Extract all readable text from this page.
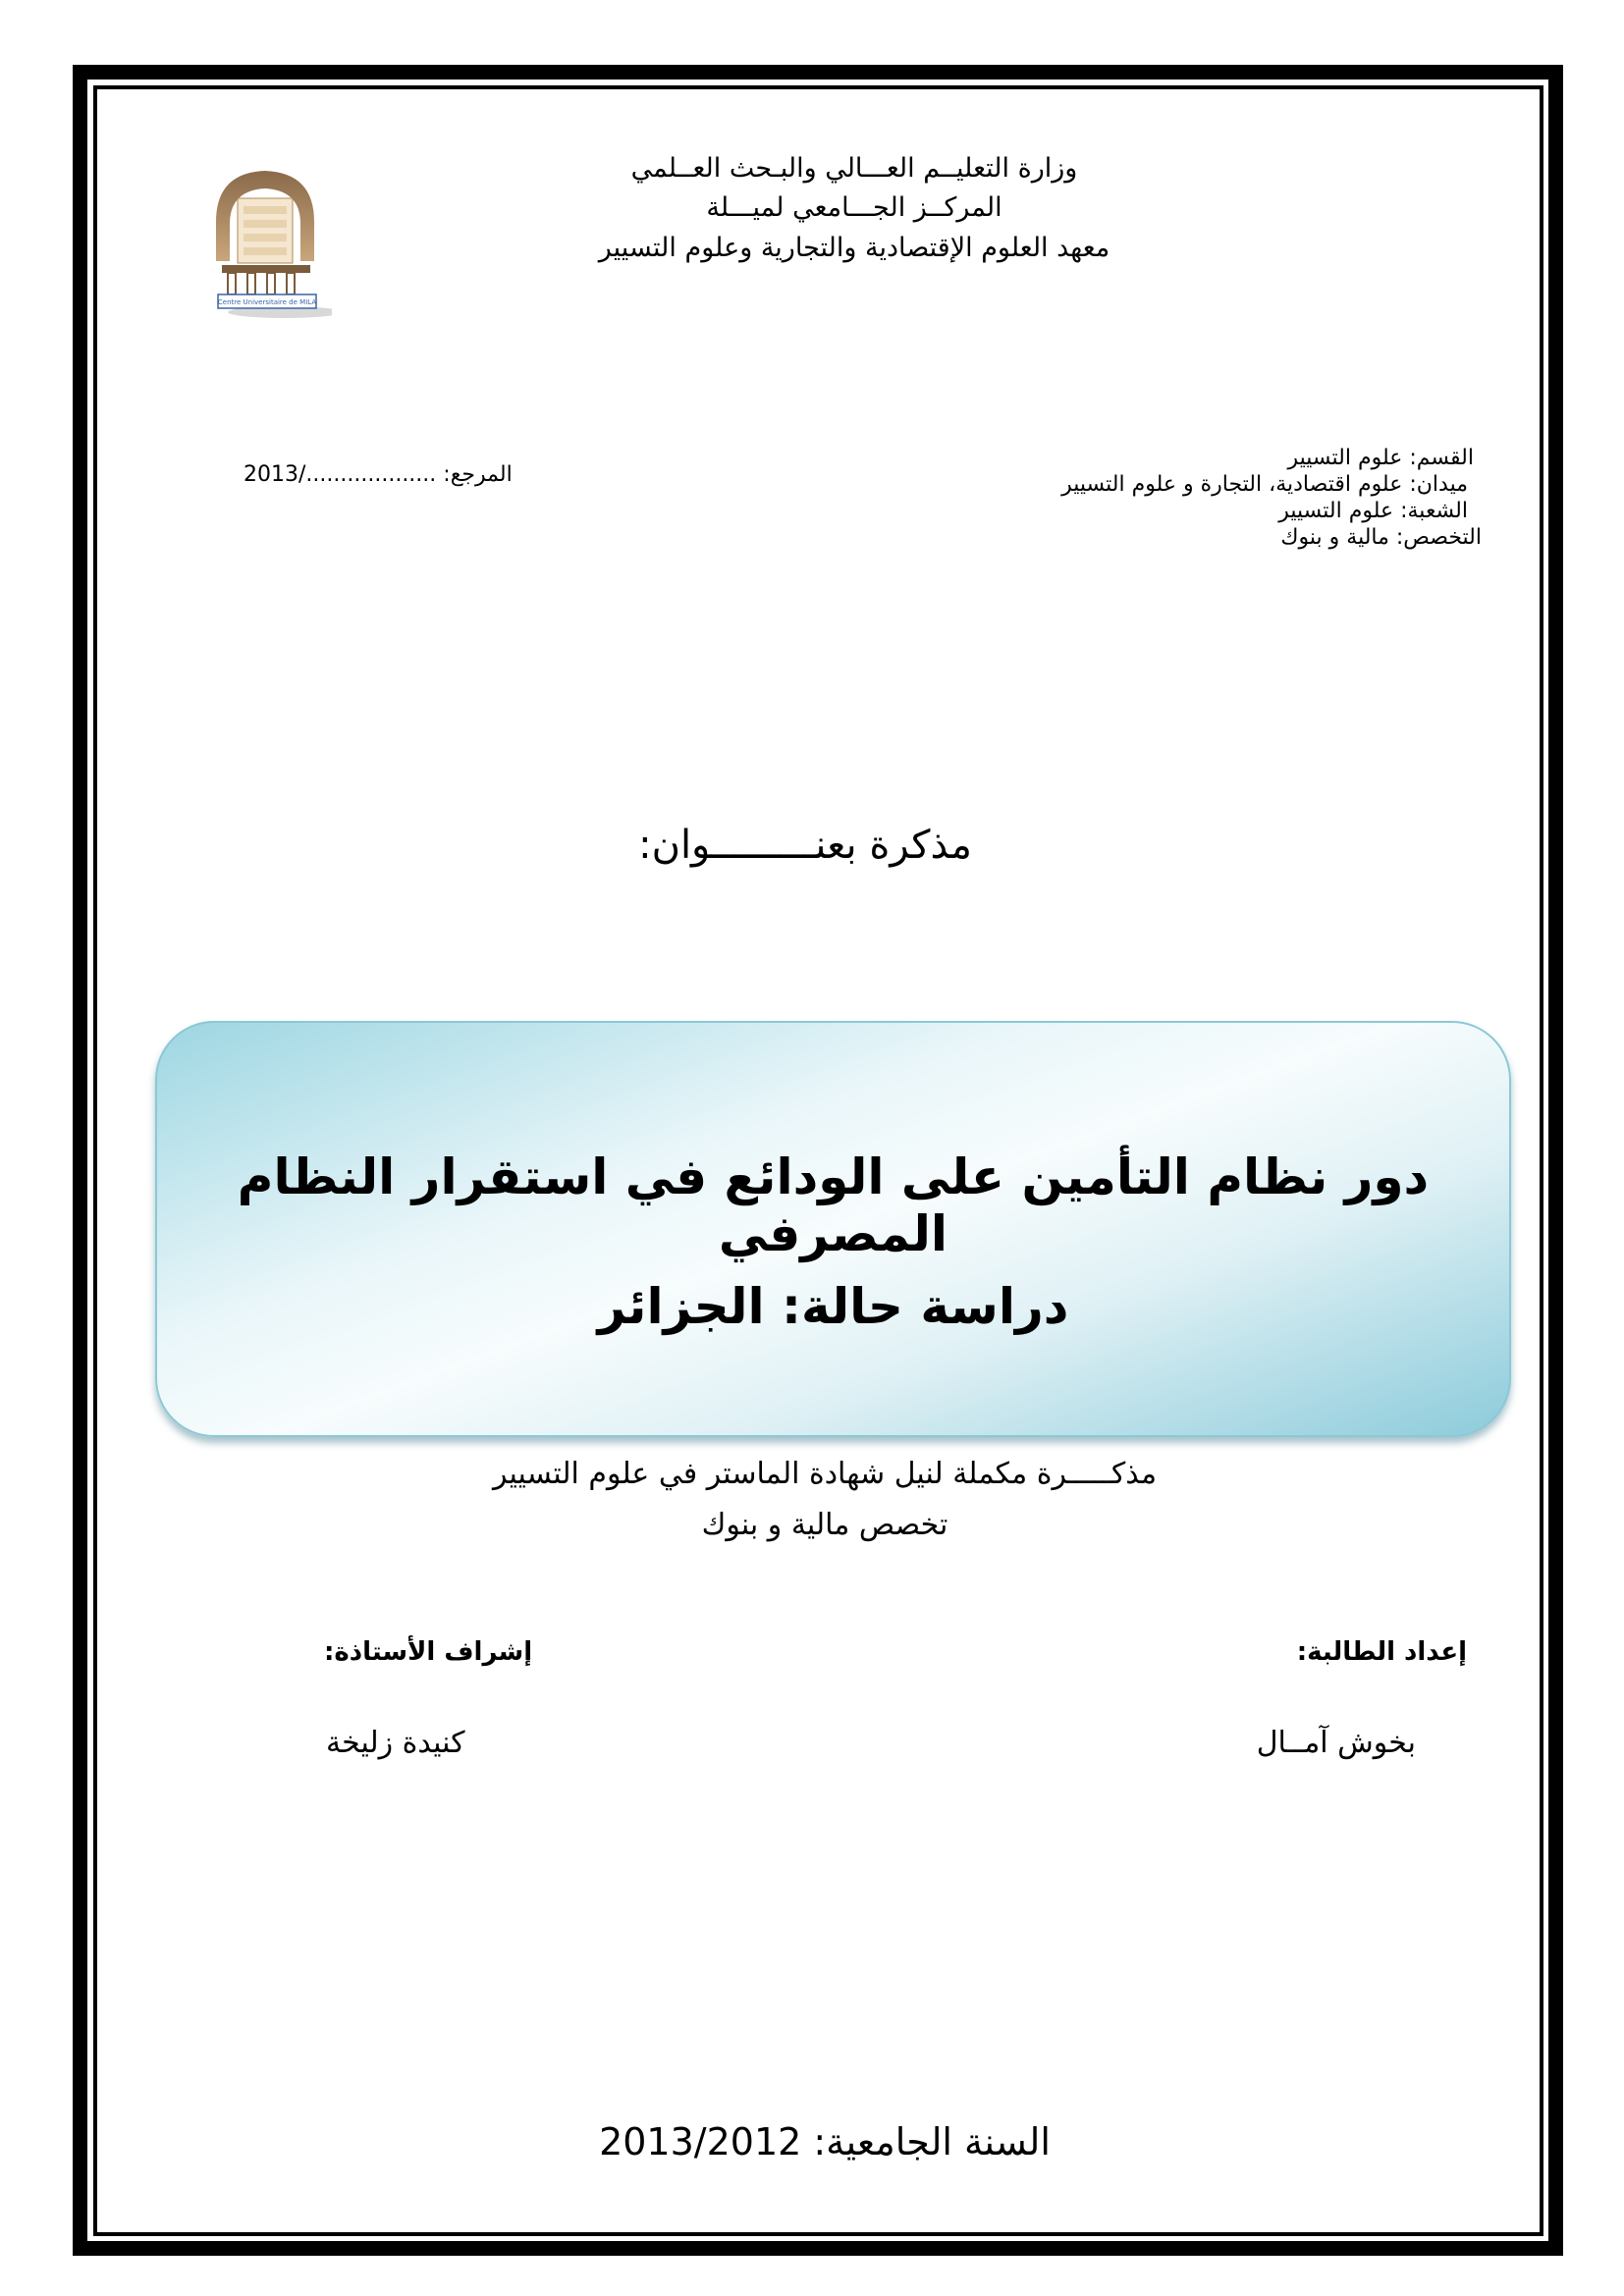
وزارة التعليــم العـــالي والبـحث العــلمي
المركــز الجـــامعي لميـــلة
معهد العلوم الإقتصادية والتجارية وعلوم التسيير
Centre Universitaire de MILA
القسم: علوم التسيير
ميدان: علوم اقتصادية، التجارة و علوم التسيير
الشعبة: علوم التسيير
التخصص: مالية و بنوك
المرجع: .................../2013
مذكرة بعنـــــــــوان:
دور نظام التأمين على الودائع في استقرار النظام المصرفي
دراسة حالة: الجزائر
مذكـــــرة مكملة لنيل شهادة الماستر في علوم التسيير
تخصص مالية و بنوك
إعداد الطالبة:
إشراف الأستاذة:
بخوش آمــال
كنيدة زليخة
السنة الجامعية: 2013/2012
